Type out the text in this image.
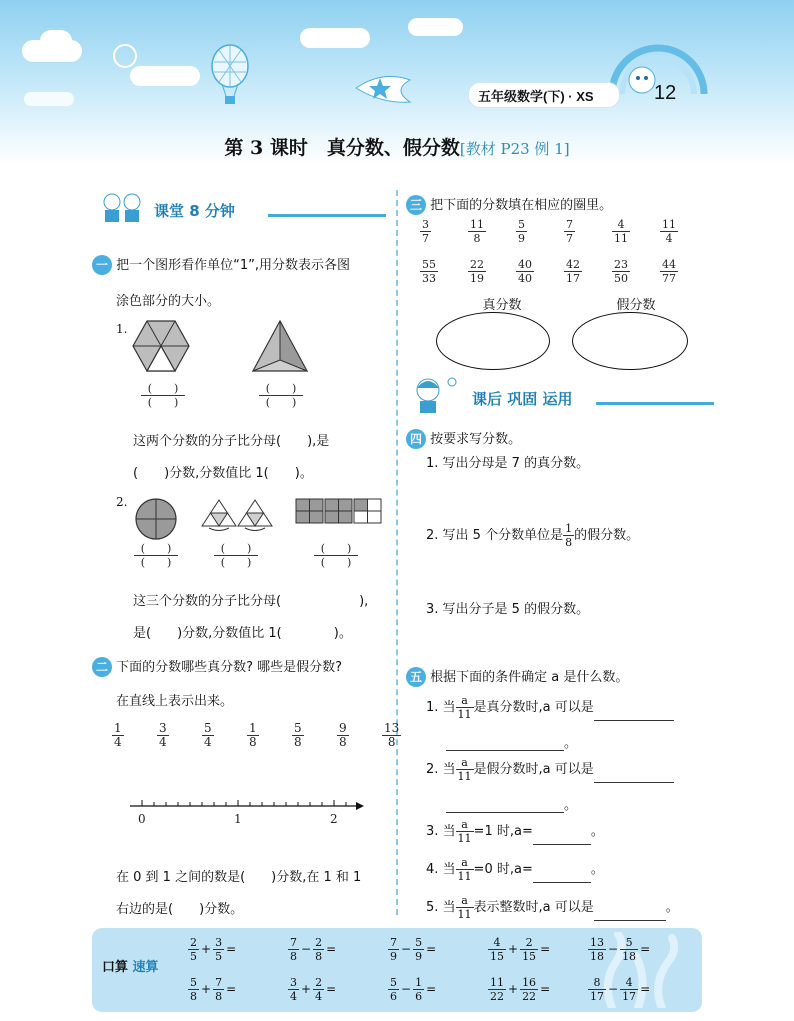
五年级数学(下) · XS	12
第 3 课时　真分数、假分数[教材 P23 例 1]
课堂 8 分钟
一 把一个图形看作单位“1”,用分数表示各图
涂色部分的大小。
1.
(　　)
(　　)
(　　)
(　　)
这两个分数的分子比分母(　　),是
(　　)分数,分数值比 1(　　)。
2.
(　　)
(　　)
(　　)
(　　)
(　　)
(　　)
这三个分数的分子比分母(　　　　　　),
是(　　)分数,分数值比 1(　　　　)。
二 下面的分数哪些真分数? 哪些是假分数?
在直线上表示出来。
$\frac{1}{4}$	$\frac{3}{4}$	$\frac{5}{4}$	$\frac{1}{8}$	$\frac{5}{8}$	$\frac{9}{8}$	$\frac{13}{8}$
0	1	2
在 0 到 1 之间的数是(　　)分数,在 1 和 1
右边的是(　　)分数。
三 把下面的分数填在相应的圈里。
$\frac{3}{7}$	$\frac{11}{8}$	$\frac{5}{9}$	$\frac{7}{7}$	$\frac{4}{11}$	$\frac{11}{4}$
$\frac{55}{33}$	$\frac{22}{19}$	$\frac{40}{40}$	$\frac{42}{17}$	$\frac{23}{50}$	$\frac{44}{77}$
真分数	假分数
课后 巩固 运用
四 按要求写分数。
1. 写出分母是 7 的真分数。
2. 写出 5 个分数单位是 $\frac{1}{8}$ 的假分数。
3. 写出分子是 5 的假分数。
五 根据下面的条件确定 a 是什么数。
1. 当 $\frac{a}{11}$ 是真分数时,a 可以是
。
2. 当 $\frac{a}{11}$ 是假分数时,a 可以是
。
3. 当 $\frac{a}{11} =1$ 时,a=	。
4. 当 $\frac{a}{11} =0$ 时,a=	。
5. 当 $\frac{a}{11}$ 表示整数时,a 可以是	。
口算 速算
$\frac{2}{5} + \frac{3}{5}$ =	$\frac{7}{8} - \frac{2}{8}$ =	$\frac{7}{9} - \frac{5}{9}$ =	$\frac{4}{15} + \frac{2}{15}$ =	$\frac{13}{18} - \frac{5}{18}$ =
$\frac{5}{8} + \frac{7}{8}$ =	$\frac{3}{4} + \frac{2}{4}$ =	$\frac{5}{6} - \frac{1}{6}$ =	$\frac{11}{22} + \frac{16}{22}$ =	$\frac{8}{17} - \frac{4}{17}$ =
